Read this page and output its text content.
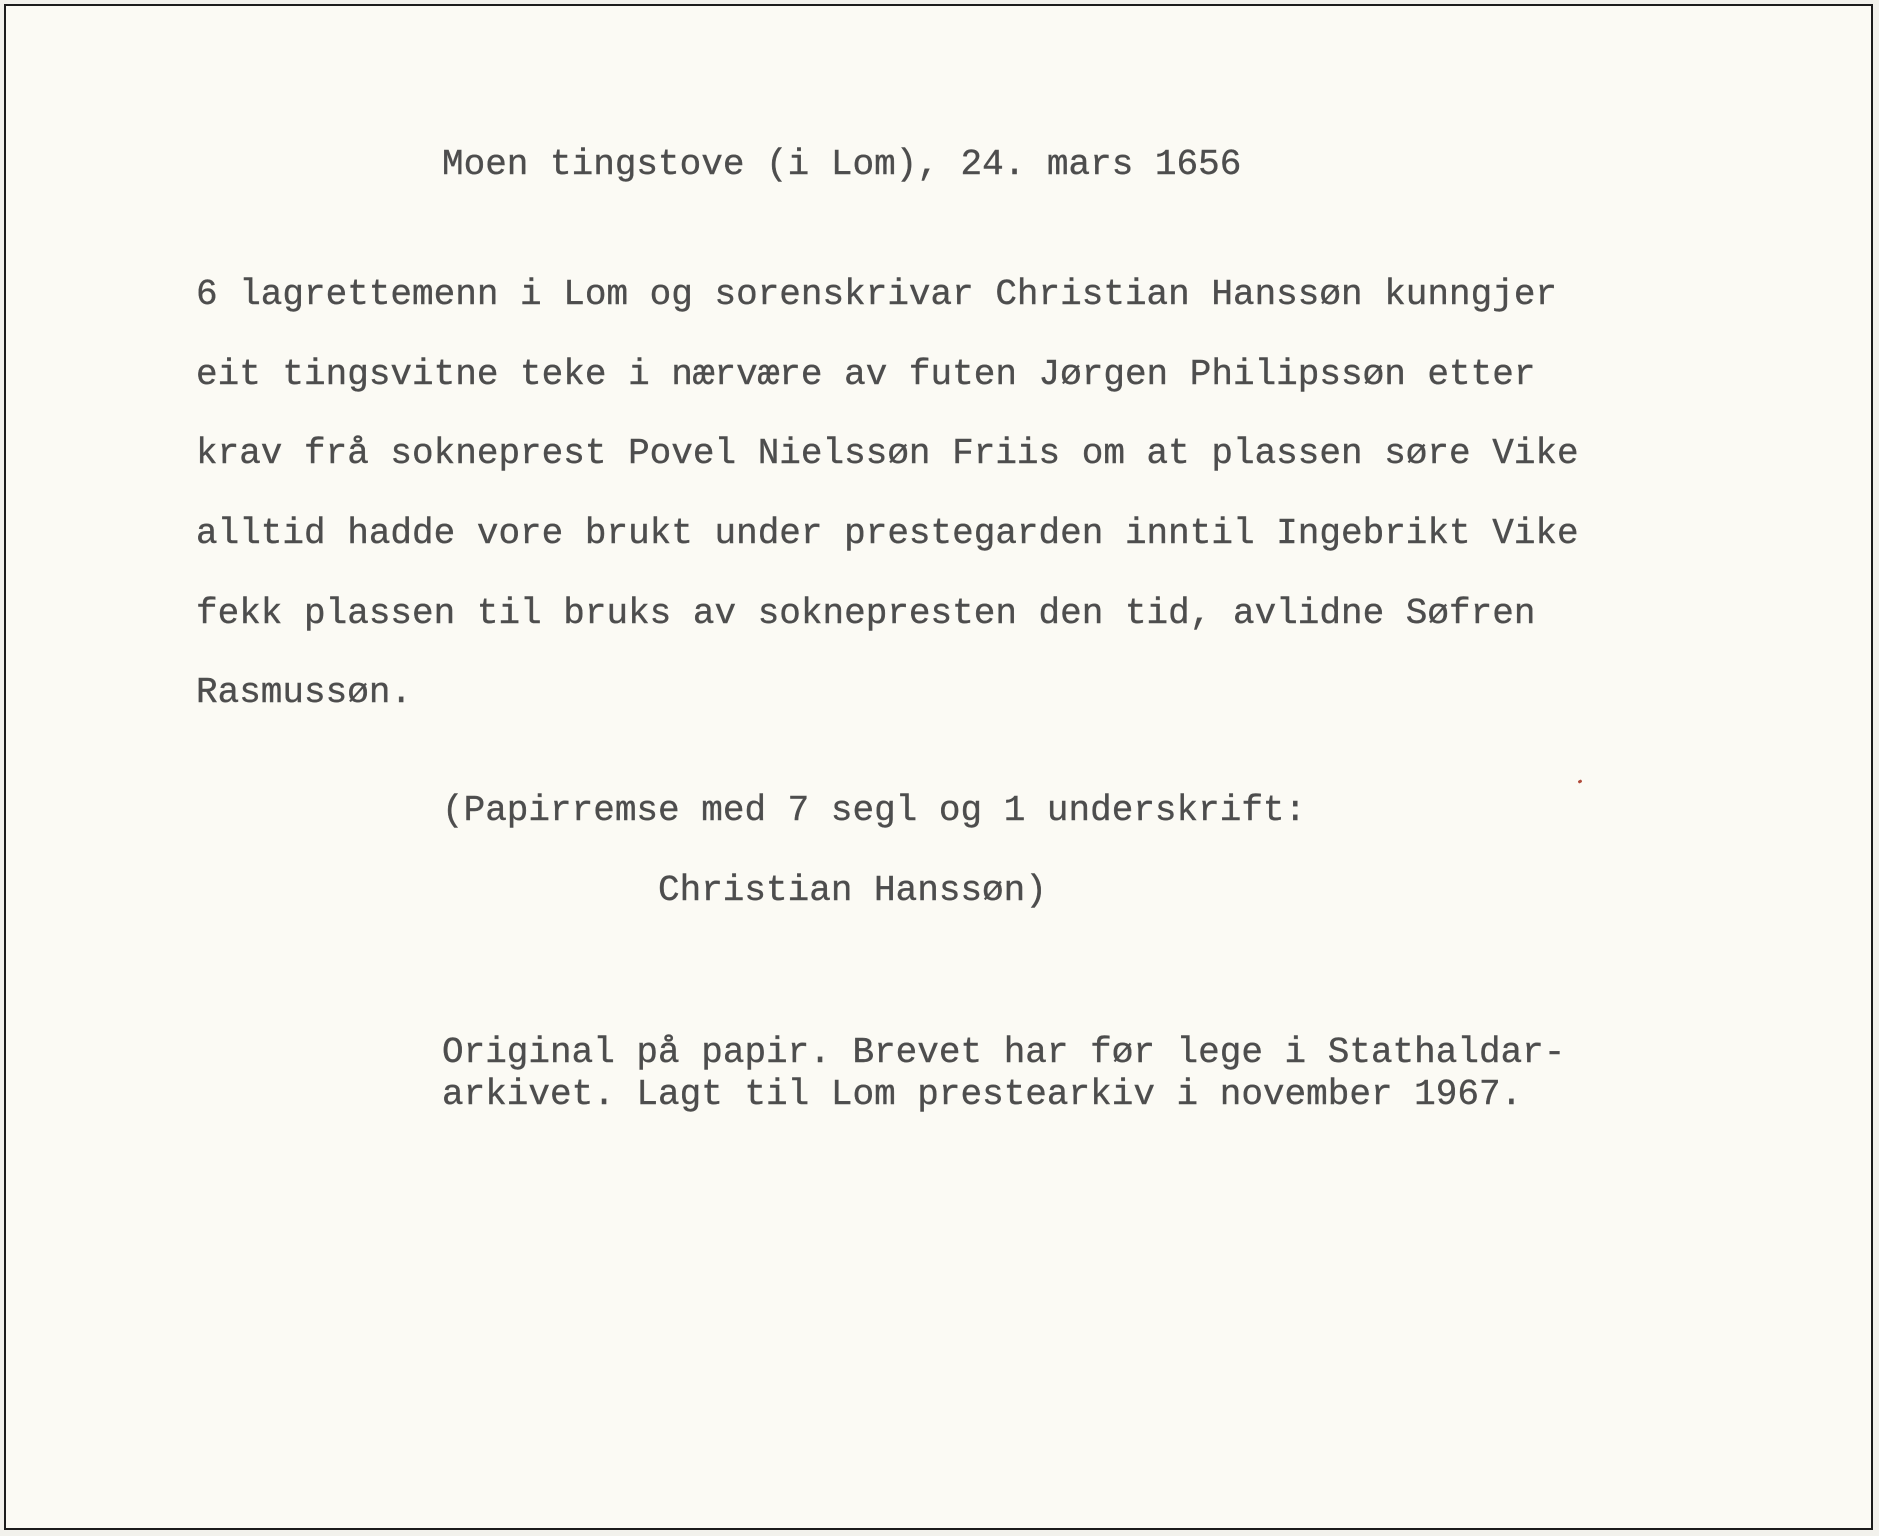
Moen tingstove (i Lom), 24. mars 1656

6 lagrettemenn i Lom og sorenskrivar Christian Hanssøn kunngjer

eit tingsvitne teke i nærvære av futen Jørgen Philipssøn etter

krav frå sokneprest Povel Nielssøn Friis om at plassen søre Vike

alltid hadde vore brukt under prestegarden inntil Ingebrikt Vike

fekk plassen til bruks av soknepresten den tid, avlidne Søfren

Rasmussøn.

(Papirremse med 7 segl og 1 underskrift:

Christian Hanssøn)

Original på papir. Brevet har før lege i Stathaldar-

arkivet. Lagt til Lom prestearkiv i november 1967.
